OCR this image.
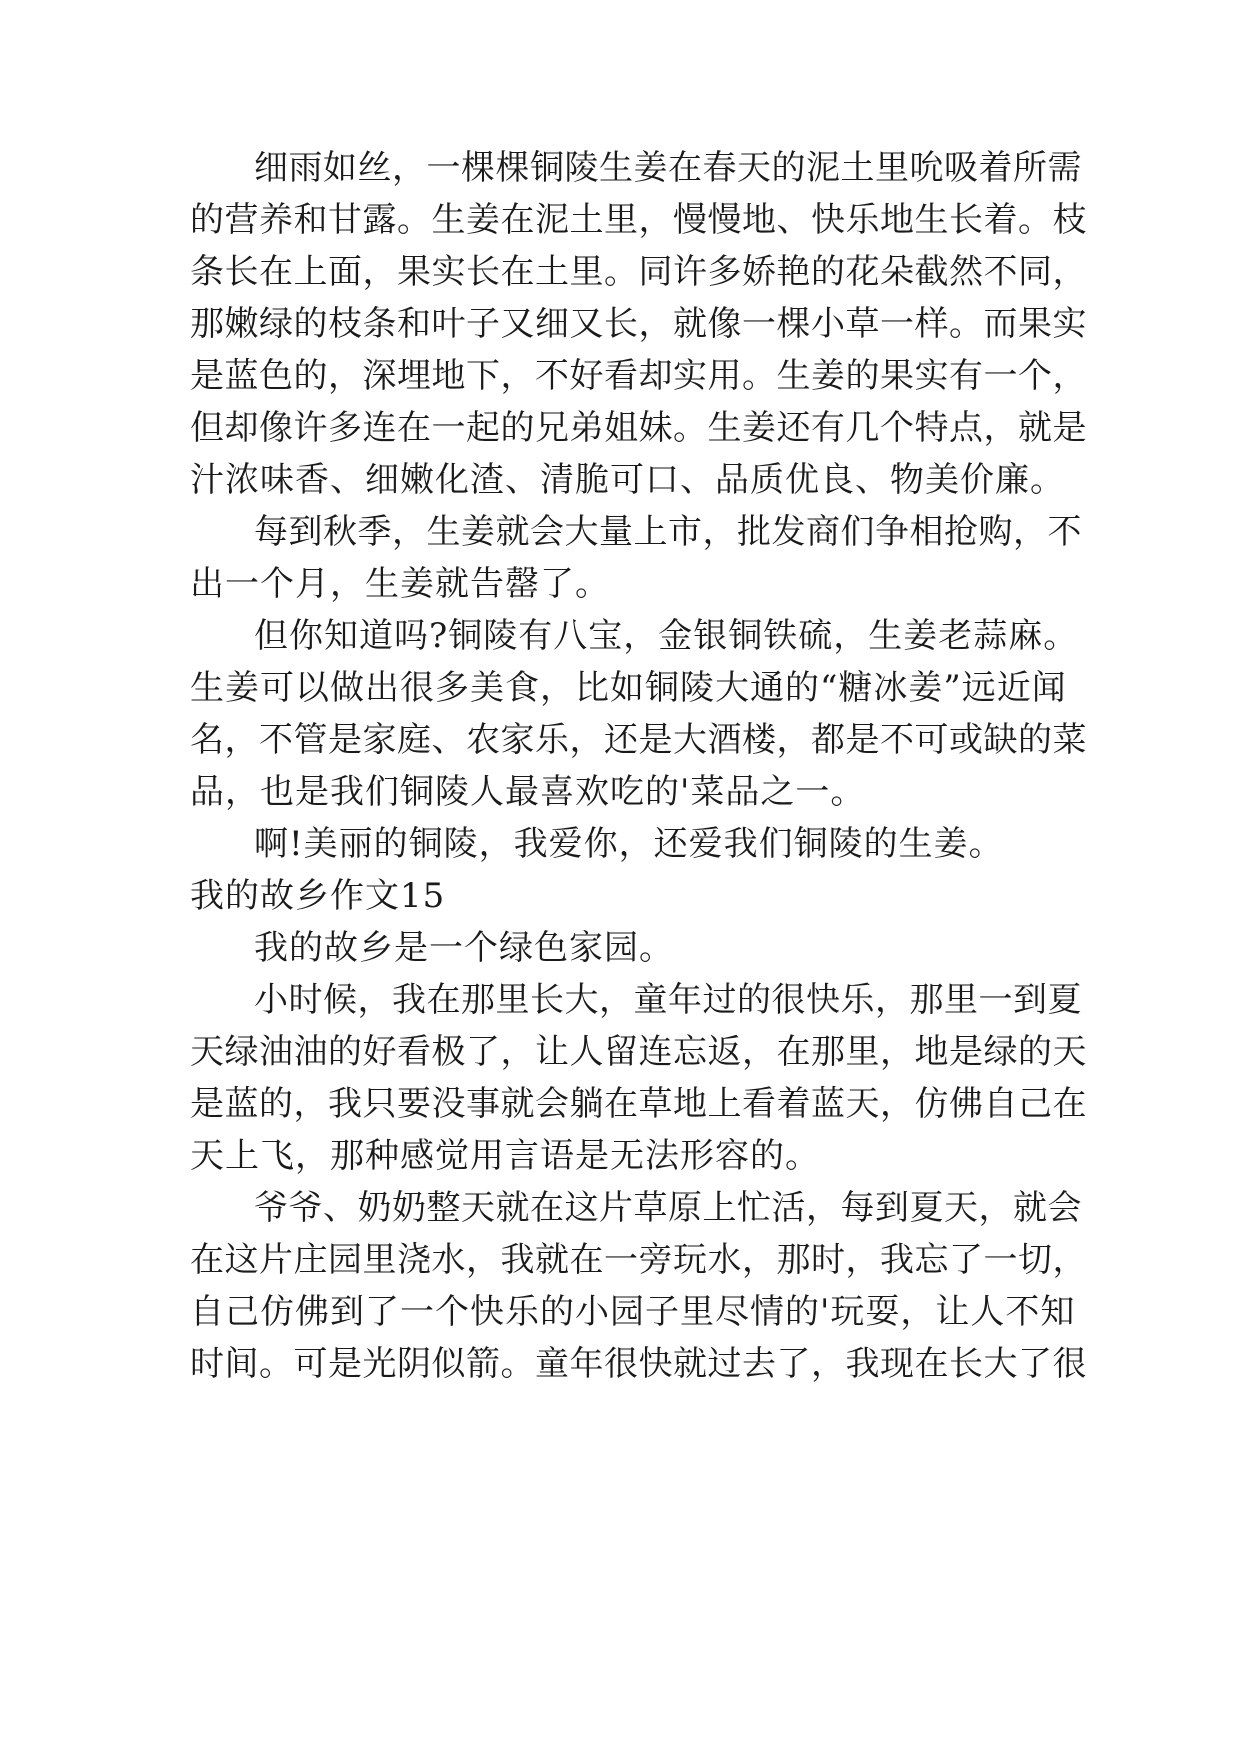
细雨如丝，一棵棵铜陵生姜在春天的泥土里吮吸着所需
的营养和甘露。生姜在泥土里，慢慢地、快乐地生长着。枝
条长在上面，果实长在土里。同许多娇艳的花朵截然不同，
那嫩绿的枝条和叶子又细又长，就像一棵小草一样。而果实
是蓝色的，深埋地下，不好看却实用。生姜的果实有一个，
但却像许多连在一起的兄弟姐妹。生姜还有几个特点，就是
汁浓味香、细嫩化渣、清脆可口、品质优良、物美价廉。
每到秋季，生姜就会大量上市，批发商们争相抢购，不
出一个月，生姜就告罄了。
但你知道吗?铜陵有八宝，金银铜铁硫，生姜老蒜麻。
生姜可以做出很多美食，比如铜陵大通的“糖冰姜”远近闻
名，不管是家庭、农家乐，还是大酒楼，都是不可或缺的菜
品，也是我们铜陵人最喜欢吃的'菜品之一。
啊!美丽的铜陵，我爱你，还爱我们铜陵的生姜。
我的故乡作文15
我的故乡是一个绿色家园。
小时候，我在那里长大，童年过的很快乐，那里一到夏
天绿油油的好看极了，让人留连忘返，在那里，地是绿的天
是蓝的，我只要没事就会躺在草地上看着蓝天，仿佛自己在
天上飞，那种感觉用言语是无法形容的。
爷爷、奶奶整天就在这片草原上忙活，每到夏天，就会
在这片庄园里浇水，我就在一旁玩水，那时，我忘了一切，
自己仿佛到了一个快乐的小园子里尽情的'玩耍，让人不知
时间。可是光阴似箭。童年很快就过去了，我现在长大了很
